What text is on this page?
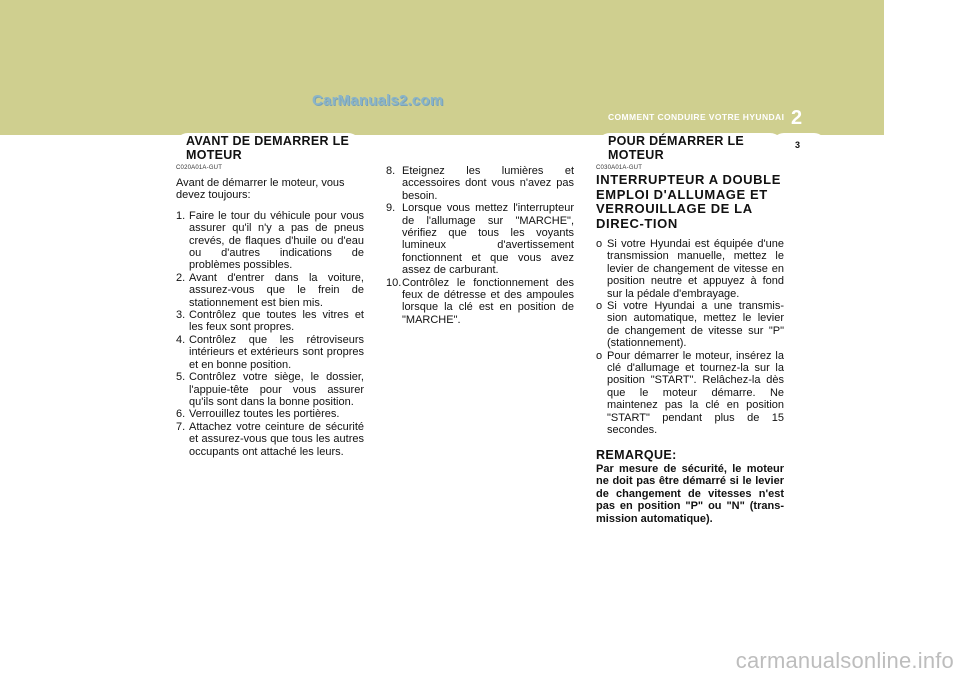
CarManuals2.com
COMMENT CONDUIRE VOTRE HYUNDAI 2
3
AVANT DE DEMARRER LE
MOTEUR
POUR DÉMARRER LE
MOTEUR
C020A01A-GUT

Avant de démarrer le moteur, vous devez toujours:

1. Faire le tour du véhicule pour vous assurer qu'il n'y a pas de pneus crevés, de flaques d'huile ou d'eau ou d'autres indications de problèmes possibles.
2. Avant d'entrer dans la voiture, assurez-vous que le frein de stationnement est bien mis.
3. Contrôlez que toutes les vitres et les feux sont propres.
4. Contrôlez que les rétroviseurs intérieurs et extérieurs sont propres et en bonne position.
5. Contrôlez votre siège, le dossier, l'appuie-tête pour vous assurer qu'ils sont dans la bonne position.
6. Verrouillez toutes les portières.
7. Attachez votre ceinture de sécurité et assurez-vous que tous les autres occupants ont attaché les leurs.
8. Eteignez les lumières et accessoires dont vous n'avez pas besoin.
9. Lorsque vous mettez l'interrupteur de l'allumage sur "MARCHE", vérifiez que tous les voyants lumineux d'avertissement fonctionnent et que vous avez assez de carburant.
10. Contrôlez le fonctionnement des feux de détresse et des ampoules lorsque la clé est en position de "MARCHE".
C030A01A-GUT
INTERRUPTEUR A DOUBLE EMPLOI D'ALLUMAGE ET VERROUILLAGE DE LA DIREC-TION
o Si votre Hyundai est équipée d'une transmission manuelle, mettez le levier de changement de vitesse en position neutre et appuyez à fond sur la pédale d'embrayage.
o Si votre Hyundai a une transmis-sion automatique, mettez le levier de changement de vitesse sur "P" (stationnement).
o Pour démarrer le moteur, insérez la clé d'allumage et tournez-la sur la position "START". Relâchez-la dès que le moteur démarre. Ne maintenez pas la clé en position "START" pendant plus de 15 secondes.
REMARQUE:
Par mesure de sécurité, le moteur ne doit pas être démarré si le levier de changement de vitesses n'est pas en position "P" ou "N" (trans-mission automatique).
carmanualsonline.info
